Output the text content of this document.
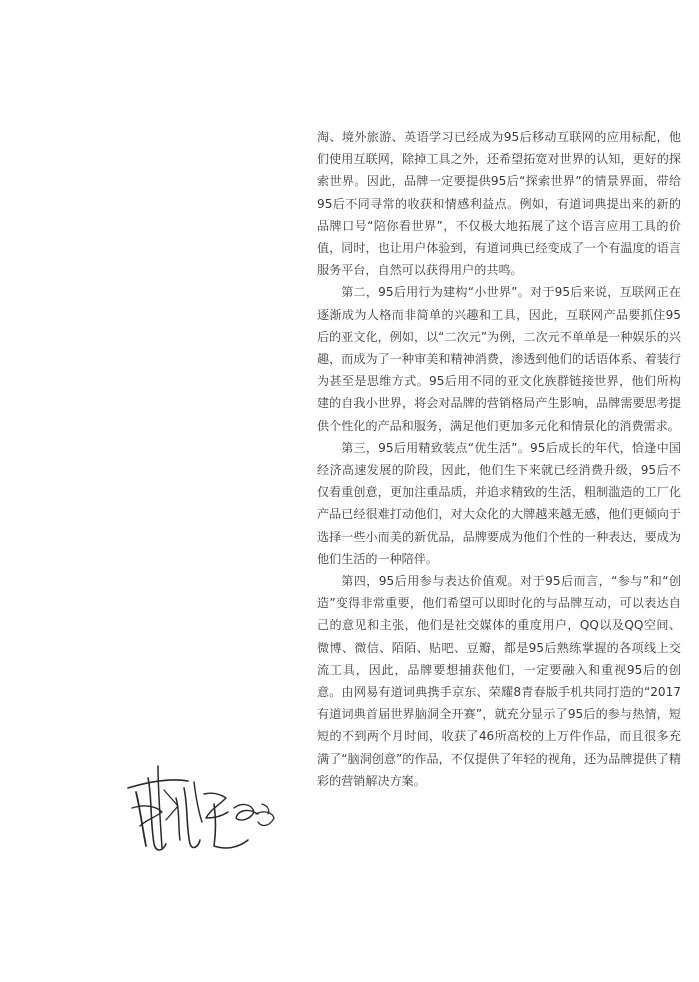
淘、境外旅游、英语学习已经成为95后移动互联网的应用标配，他们使用互联网，除掉工具之外，还希望拓宽对世界的认知，更好的探索世界。因此，品牌一定要提供95后“探索世界”的情景界面，带给95后不同寻常的收获和情感利益点。例如，有道词典提出来的新的品牌口号“陪你看世界”，不仅极大地拓展了这个语言应用工具的价值，同时，也让用户体验到，有道词典已经变成了一个有温度的语言服务平台，自然可以获得用户的共鸣。

第二，95后用行为建构“小世界”。对于95后来说，互联网正在逐渐成为人格而非简单的兴趣和工具，因此，互联网产品要抓住95后的亚文化，例如，以“二次元”为例，二次元不单单是一种娱乐的兴趣，而成为了一种审美和精神消费，渗透到他们的话语体系、着装行为甚至是思维方式。95后用不同的亚文化族群链接世界，他们所构建的自我小世界，将会对品牌的营销格局产生影响，品牌需要思考提供个性化的产品和服务，满足他们更加多元化和情景化的消费需求。

第三，95后用精致装点“优生活”。95后成长的年代，恰逢中国经济高速发展的阶段，因此，他们生下来就已经消费升级，95后不仅看重创意，更加注重品质，并追求精致的生活，粗制滥造的工厂化产品已经很难打动他们，对大众化的大牌越来越无感，他们更倾向于选择一些小而美的新优品，品牌要成为他们个性的一种表达，要成为他们生活的一种陪伴。

第四，95后用参与表达价值观。对于95后而言，“参与”和“创造”变得非常重要，他们希望可以即时化的与品牌互动，可以表达自己的意见和主张，他们是社交媒体的重度用户，QQ以及QQ空间、微博、微信、陌陌、贴吧、豆瓣，都是95后熟练掌握的各项线上交流工具，因此，品牌要想捕获他们，一定要融入和重视95后的创意。由网易有道词典携手京东、荣耀8青春版手机共同打造的“2017有道词典首届世界脑洞全开赛”，就充分显示了95后的参与热情，短短的不到两个月时间，收获了46所高校的上万件作品，而且很多充满了“脑洞创意”的作品，不仅提供了年轻的视角，还为品牌提供了精彩的营销解决方案。
